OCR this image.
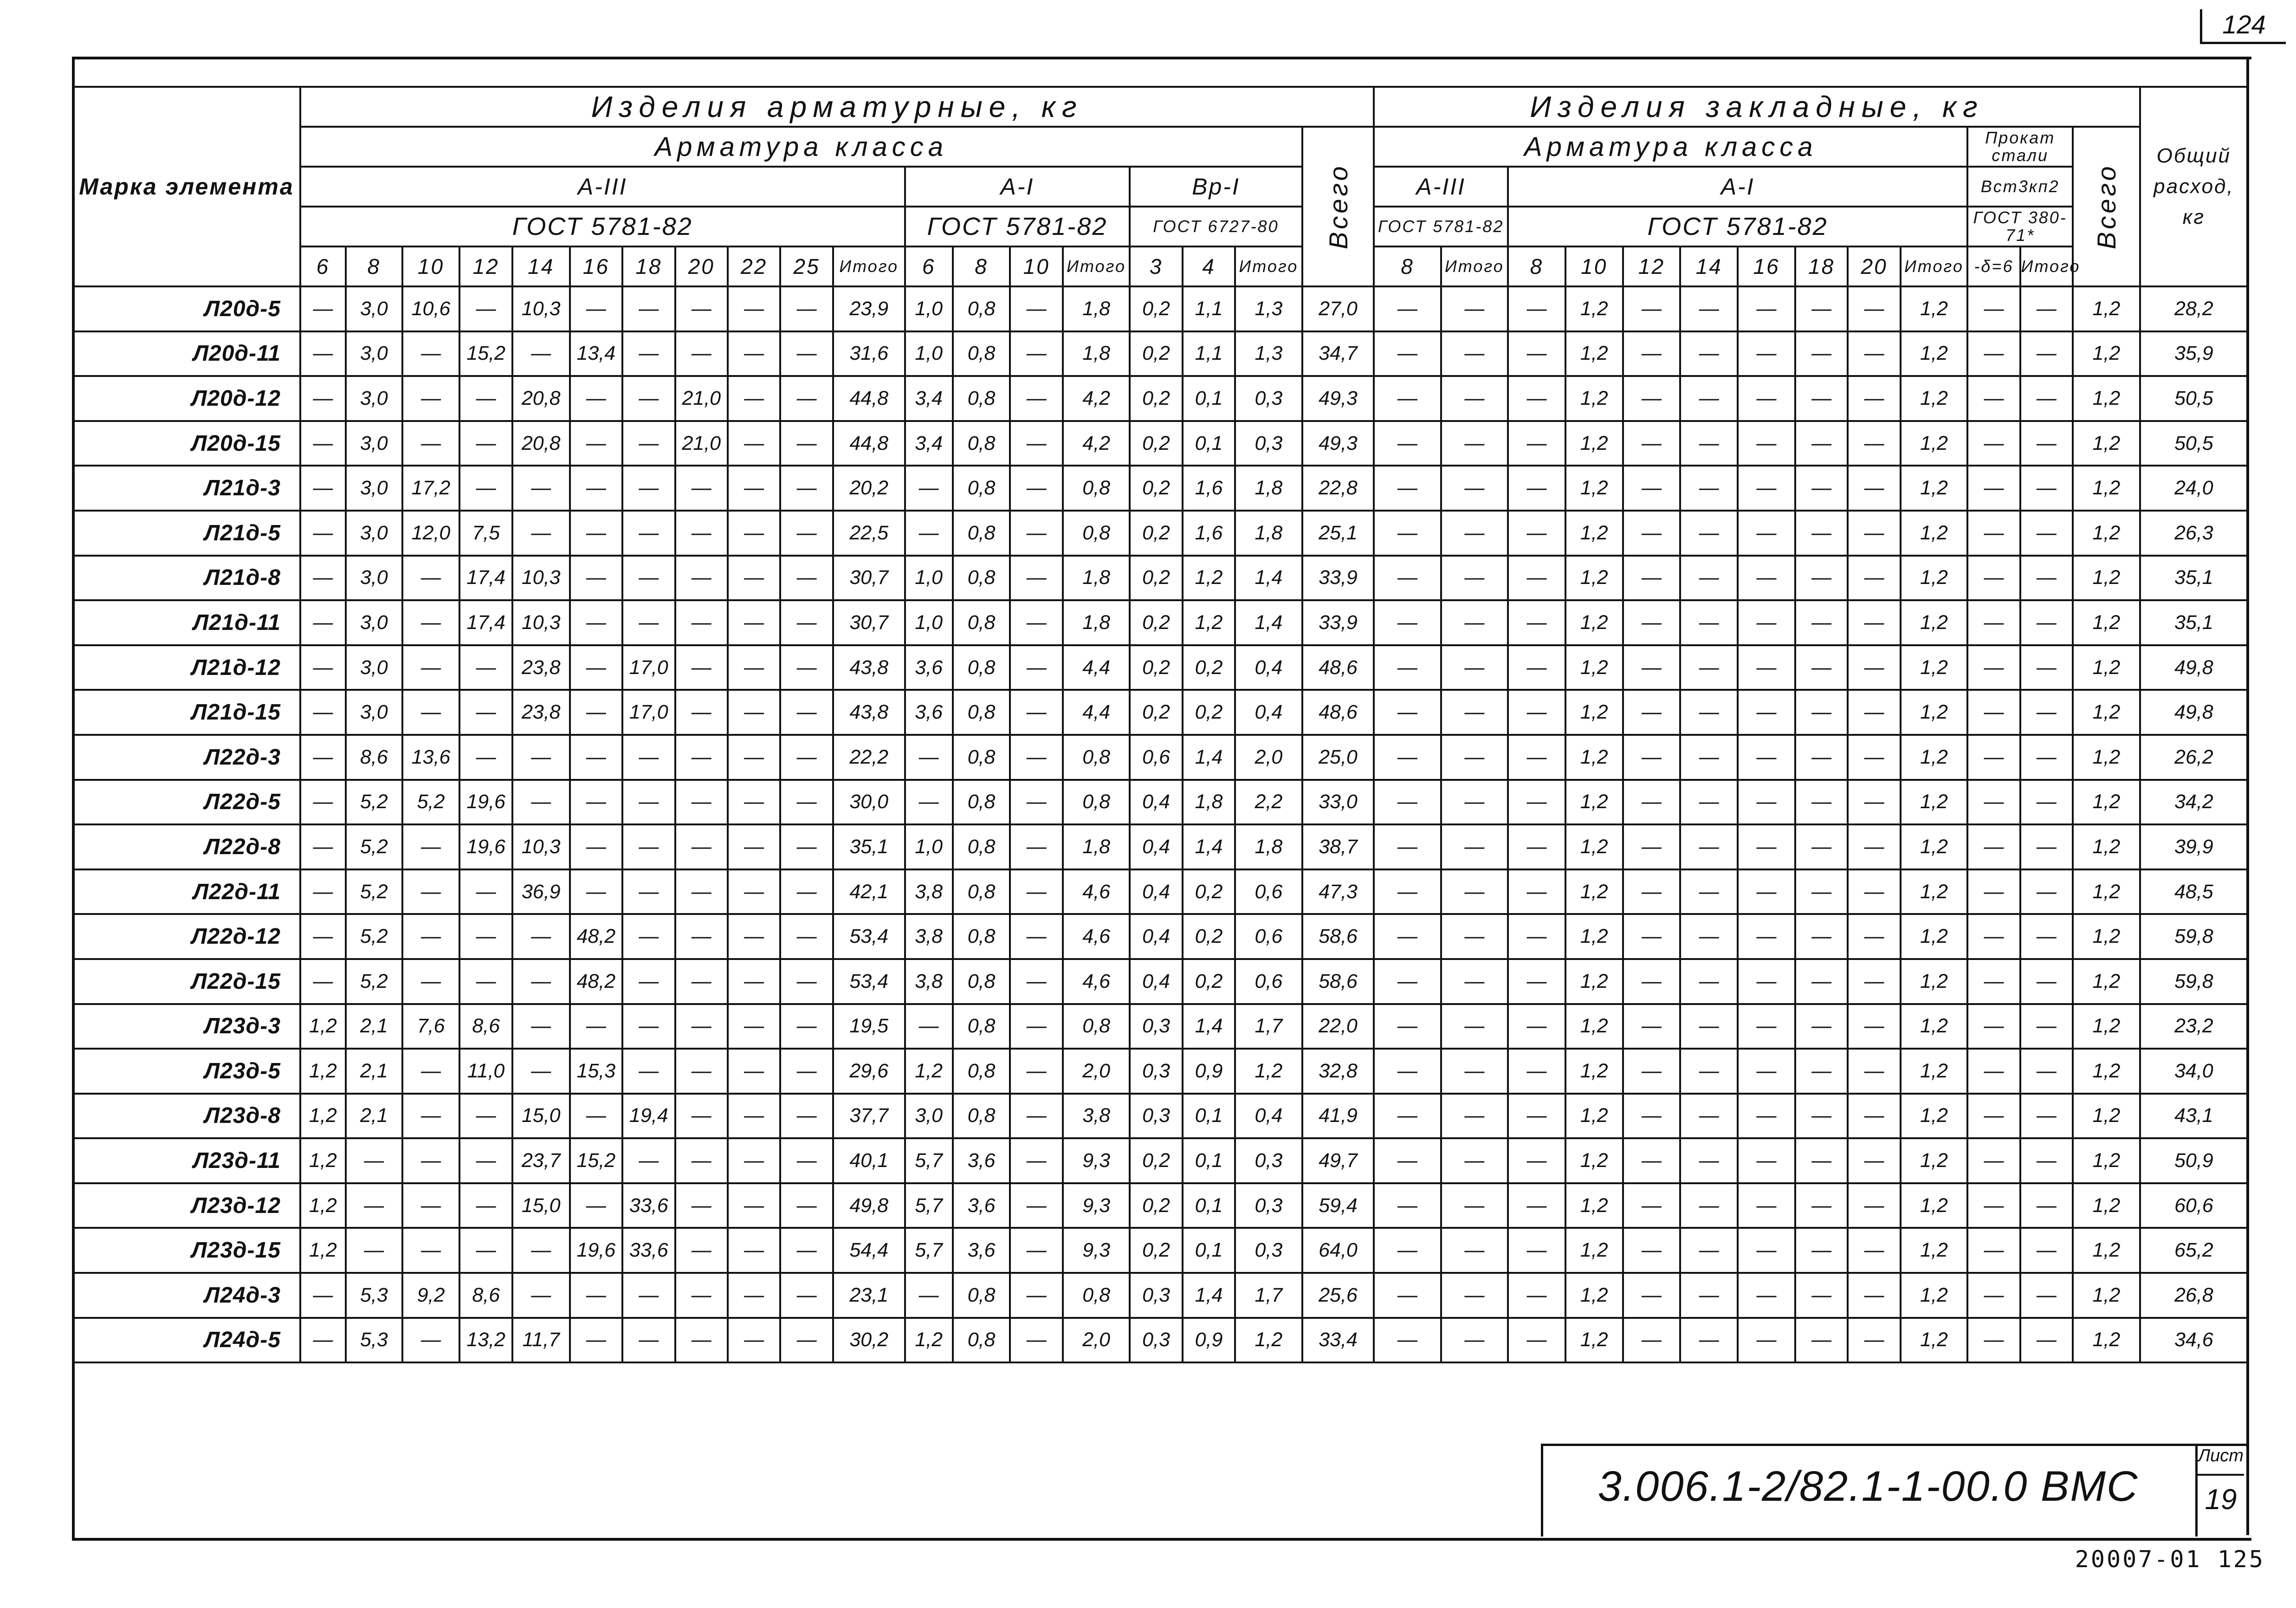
124
Марка элемента	Изделия арматурные, кг																			Изделия закладные, кг													Общий расход, кг
	Арматура класса																		Всего	Арматура класса										Прокат стали		Всего	
	А-III											А-I				Вр-I				А-III		А-I								Вст3кп2			
	ГОСТ 5781-82											ГОСТ 5781-82				ГОСТ 6727-80				ГОСТ 5781-82		ГОСТ 5781-82								ГОСТ 380-71*			
	6	8	10	12	14	16	18	20	22	25	Итого	6	8	10	Итого	3	4	Итого		8	Итого	8	10	12	14	16	18	20	Итого	-δ=6	Итого		
Л20д-5	—	3,0	10,6	—	10,3	—	—	—	—	—	23,9	1,0	0,8	—	1,8	0,2	1,1	1,3	27,0	—	—	—	1,2	—	—	—	—	—	1,2	—	—	1,2	28,2
Л20д-11	—	3,0	—	15,2	—	13,4	—	—	—	—	31,6	1,0	0,8	—	1,8	0,2	1,1	1,3	34,7	—	—	—	1,2	—	—	—	—	—	1,2	—	—	1,2	35,9
Л20д-12	—	3,0	—	—	20,8	—	—	21,0	—	—	44,8	3,4	0,8	—	4,2	0,2	0,1	0,3	49,3	—	—	—	1,2	—	—	—	—	—	1,2	—	—	1,2	50,5
Л20д-15	—	3,0	—	—	20,8	—	—	21,0	—	—	44,8	3,4	0,8	—	4,2	0,2	0,1	0,3	49,3	—	—	—	1,2	—	—	—	—	—	1,2	—	—	1,2	50,5
Л21д-3	—	3,0	17,2	—	—	—	—	—	—	—	20,2	—	0,8	—	0,8	0,2	1,6	1,8	22,8	—	—	—	1,2	—	—	—	—	—	1,2	—	—	1,2	24,0
Л21д-5	—	3,0	12,0	7,5	—	—	—	—	—	—	22,5	—	0,8	—	0,8	0,2	1,6	1,8	25,1	—	—	—	1,2	—	—	—	—	—	1,2	—	—	1,2	26,3
Л21д-8	—	3,0	—	17,4	10,3	—	—	—	—	—	30,7	1,0	0,8	—	1,8	0,2	1,2	1,4	33,9	—	—	—	1,2	—	—	—	—	—	1,2	—	—	1,2	35,1
Л21д-11	—	3,0	—	17,4	10,3	—	—	—	—	—	30,7	1,0	0,8	—	1,8	0,2	1,2	1,4	33,9	—	—	—	1,2	—	—	—	—	—	1,2	—	—	1,2	35,1
Л21д-12	—	3,0	—	—	23,8	—	17,0	—	—	—	43,8	3,6	0,8	—	4,4	0,2	0,2	0,4	48,6	—	—	—	1,2	—	—	—	—	—	1,2	—	—	1,2	49,8
Л21д-15	—	3,0	—	—	23,8	—	17,0	—	—	—	43,8	3,6	0,8	—	4,4	0,2	0,2	0,4	48,6	—	—	—	1,2	—	—	—	—	—	1,2	—	—	1,2	49,8
Л22д-3	—	8,6	13,6	—	—	—	—	—	—	—	22,2	—	0,8	—	0,8	0,6	1,4	2,0	25,0	—	—	—	1,2	—	—	—	—	—	1,2	—	—	1,2	26,2
Л22д-5	—	5,2	5,2	19,6	—	—	—	—	—	—	30,0	—	0,8	—	0,8	0,4	1,8	2,2	33,0	—	—	—	1,2	—	—	—	—	—	1,2	—	—	1,2	34,2
Л22д-8	—	5,2	—	19,6	10,3	—	—	—	—	—	35,1	1,0	0,8	—	1,8	0,4	1,4	1,8	38,7	—	—	—	1,2	—	—	—	—	—	1,2	—	—	1,2	39,9
Л22д-11	—	5,2	—	—	36,9	—	—	—	—	—	42,1	3,8	0,8	—	4,6	0,4	0,2	0,6	47,3	—	—	—	1,2	—	—	—	—	—	1,2	—	—	1,2	48,5
Л22д-12	—	5,2	—	—	—	48,2	—	—	—	—	53,4	3,8	0,8	—	4,6	0,4	0,2	0,6	58,6	—	—	—	1,2	—	—	—	—	—	1,2	—	—	1,2	59,8
Л22д-15	—	5,2	—	—	—	48,2	—	—	—	—	53,4	3,8	0,8	—	4,6	0,4	0,2	0,6	58,6	—	—	—	1,2	—	—	—	—	—	1,2	—	—	1,2	59,8
Л23д-3	1,2	2,1	7,6	8,6	—	—	—	—	—	—	19,5	—	0,8	—	0,8	0,3	1,4	1,7	22,0	—	—	—	1,2	—	—	—	—	—	1,2	—	—	1,2	23,2
Л23д-5	1,2	2,1	—	11,0	—	15,3	—	—	—	—	29,6	1,2	0,8	—	2,0	0,3	0,9	1,2	32,8	—	—	—	1,2	—	—	—	—	—	1,2	—	—	1,2	34,0
Л23д-8	1,2	2,1	—	—	15,0	—	19,4	—	—	—	37,7	3,0	0,8	—	3,8	0,3	0,1	0,4	41,9	—	—	—	1,2	—	—	—	—	—	1,2	—	—	1,2	43,1
Л23д-11	1,2	—	—	—	23,7	15,2	—	—	—	—	40,1	5,7	3,6	—	9,3	0,2	0,1	0,3	49,7	—	—	—	1,2	—	—	—	—	—	1,2	—	—	1,2	50,9
Л23д-12	1,2	—	—	—	15,0	—	33,6	—	—	—	49,8	5,7	3,6	—	9,3	0,2	0,1	0,3	59,4	—	—	—	1,2	—	—	—	—	—	1,2	—	—	1,2	60,6
Л23д-15	1,2	—	—	—	—	19,6	33,6	—	—	—	54,4	5,7	3,6	—	9,3	0,2	0,1	0,3	64,0	—	—	—	1,2	—	—	—	—	—	1,2	—	—	1,2	65,2
Л24д-3	—	5,3	9,2	8,6	—	—	—	—	—	—	23,1	—	0,8	—	0,8	0,3	1,4	1,7	25,6	—	—	—	1,2	—	—	—	—	—	1,2	—	—	1,2	26,8
Л24д-5	—	5,3	—	13,2	11,7	—	—	—	—	—	30,2	1,2	0,8	—	2,0	0,3	0,9	1,2	33,4	—	—	—	1,2	—	—	—	—	—	1,2	—	—	1,2	34,6
3.006.1-2/82.1-1-00.0 ВМС
Лист
19
20007-01 125
